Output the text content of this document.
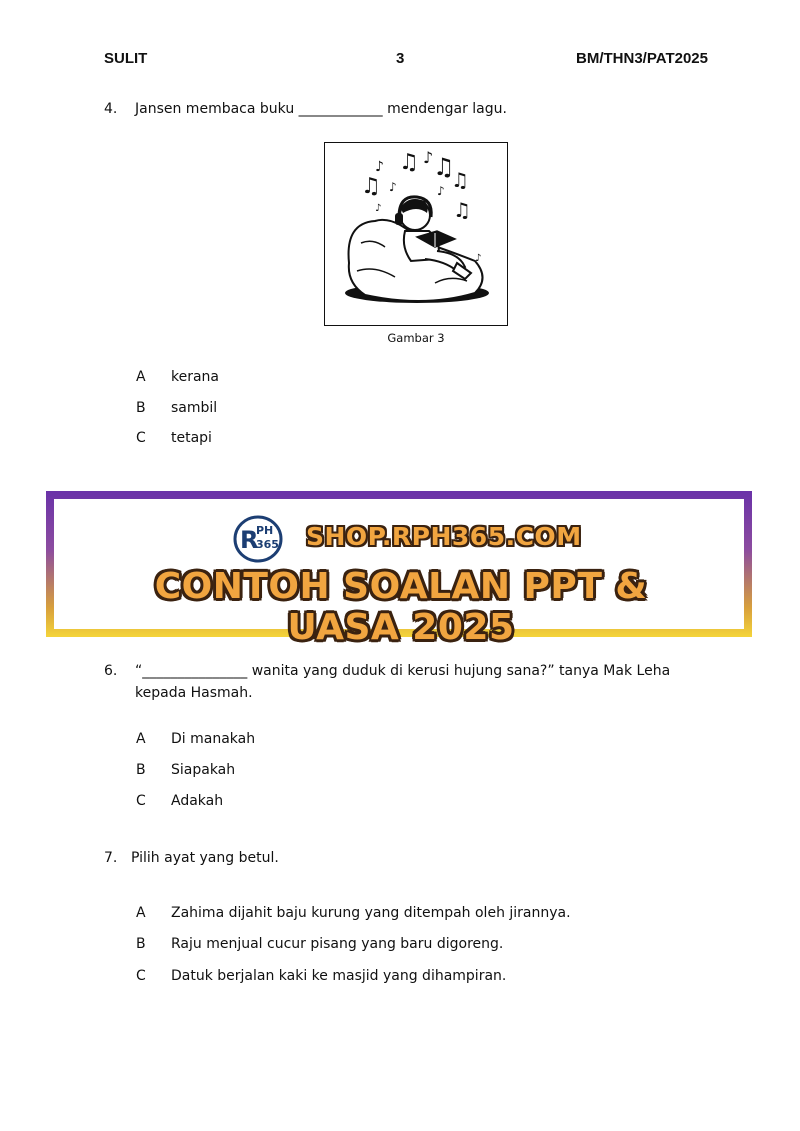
SULIT	3	BM/THN3/PAT2025
4. Jansen membaca buku ____________ mendengar lagu.
♪ ♫ ♪ ♫
♫
♫ ♪	♪
♫
♪
♪
Gambar 3
A	kerana
B	sambil
C	tetapi
R
PH
365 SHOP.RPH365.COM
CONTOH SOALAN PPT & UASA 2025
6. “_______________ wanita yang duduk di kerusi hujung sana?” tanya Mak Leha kepada Hasmah.
A	Di manakah
B	Siapakah
C	Adakah
7. Pilih ayat yang betul.
A	Zahima dijahit baju kurung yang ditempah oleh jirannya.
B	Raju menjual cucur pisang yang baru digoreng.
C	Datuk berjalan kaki ke masjid yang dihampiran.
